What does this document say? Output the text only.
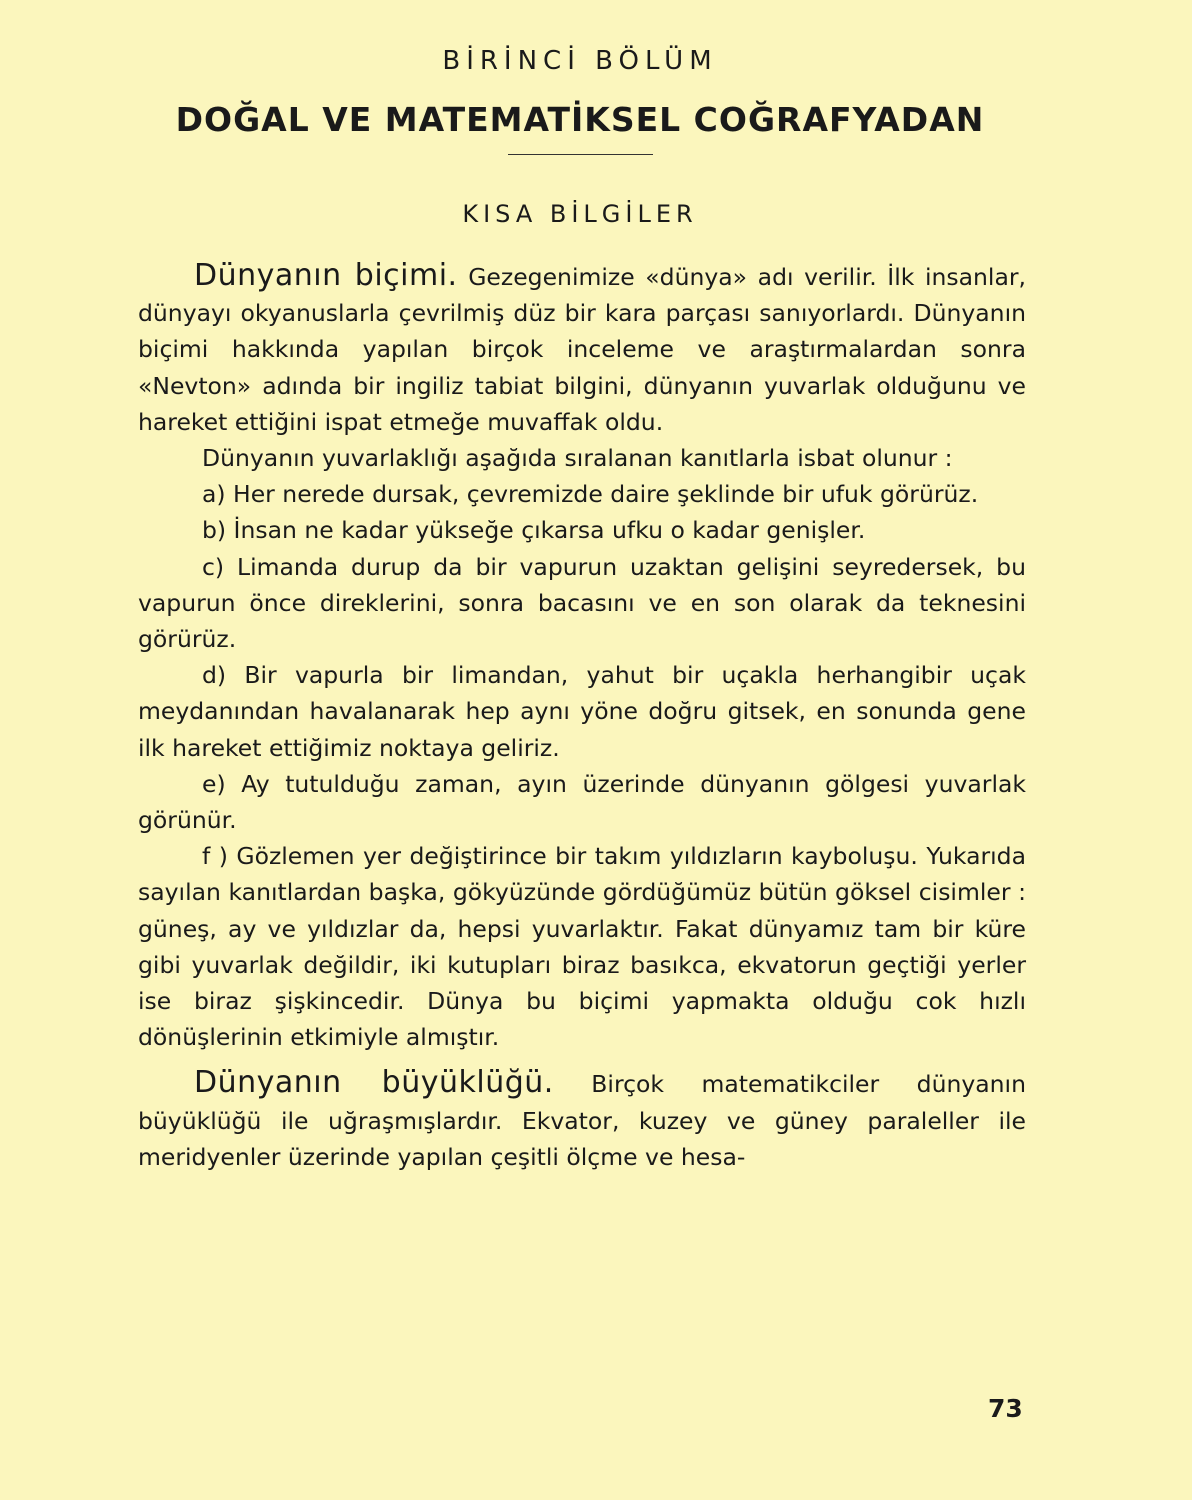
BİRİNCİ BÖLÜM
DOĞAL VE MATEMATİKSEL COĞRAFYADAN
KISA BİLGİLER

Dünyanın biçimi. Gezegenimize «dünya» adı verilir. İlk insanlar, dünyayı okyanuslarla çevrilmiş düz bir kara parçası sanıyorlardı. Dünyanın biçimi hakkında yapılan birçok inceleme ve araştırmalardan sonra «Nevton» adında bir ingiliz tabiat bilgini, dünyanın yuvarlak olduğunu ve hareket ettiğini ispat etmeğe muvaffak oldu.

Dünyanın yuvarlaklığı aşağıda sıralanan kanıtlarla isbat olunur :

a) Her nerede dursak, çevremizde daire şeklinde bir ufuk görürüz.

b) İnsan ne kadar yükseğe çıkarsa ufku o kadar genişler.

c) Limanda durup da bir vapurun uzaktan gelişini seyredersek, bu vapurun önce direklerini, sonra bacasını ve en son olarak da teknesini görürüz.

d) Bir vapurla bir limandan, yahut bir uçakla herhangibir uçak meydanından havalanarak hep aynı yöne doğru gitsek, en sonunda gene ilk hareket ettiğimiz noktaya geliriz.

e) Ay tutulduğu zaman, ayın üzerinde dünyanın gölgesi yuvarlak görünür.

f ) Gözlemen yer değiştirince bir takım yıldızların kayboluşu. Yukarıda sayılan kanıtlardan başka, gökyüzünde gördüğümüz bütün göksel cisimler : güneş, ay ve yıldızlar da, hepsi yuvarlaktır. Fakat dünyamız tam bir küre gibi yuvarlak değildir, iki kutupları biraz basıkca, ekvatorun geçtiği yerler ise biraz şişkincedir. Dünya bu biçimi yapmakta olduğu cok hızlı dönüşlerinin etkimiyle almıştır.

Dünyanın büyüklüğü. Birçok matematikciler dünyanın büyüklüğü ile uğraşmışlardır. Ekvator, kuzey ve güney paraleller ile meridyenler üzerinde yapılan çeşitli ölçme ve hesa-

73
